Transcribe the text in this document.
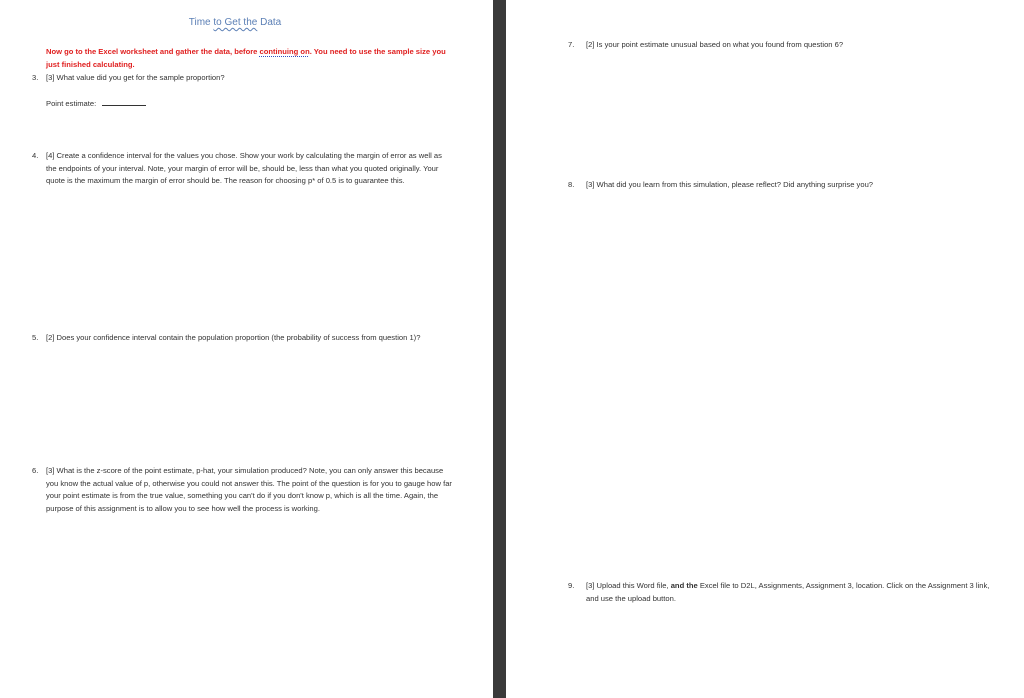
Time to Get the Data
Now go to the Excel worksheet and gather the data, before continuing on. You need to use the sample size you just finished calculating.
3.	[3] What value did you get for the sample proportion?
Point estimate:
4.	[4] Create a confidence interval for the values you chose. Show your work by calculating the margin of error as well as the endpoints of your interval. Note, your margin of error will be, should be, less than what you quoted originally. Your quote is the maximum the margin of error should be. The reason for choosing p* of 0.5 is to guarantee this.
5.	[2] Does your confidence interval contain the population proportion (the probability of success from question 1)?
6.	[3] What is the z-score of the point estimate, p-hat, your simulation produced? Note, you can only answer this because you know the actual value of p, otherwise you could not answer this. The point of the question is for you to gauge how far your point estimate is from the true value, something you can't do if you don't know p, which is all the time. Again, the purpose of this assignment is to allow you to see how well the process is working.
7.	[2] Is your point estimate unusual based on what you found from question 6?
8.	[3] What did you learn from this simulation, please reflect? Did anything surprise you?
9.	[3] Upload this Word file, and the Excel file to D2L, Assignments, Assignment 3, location. Click on the Assignment 3 link, and use the upload button.
